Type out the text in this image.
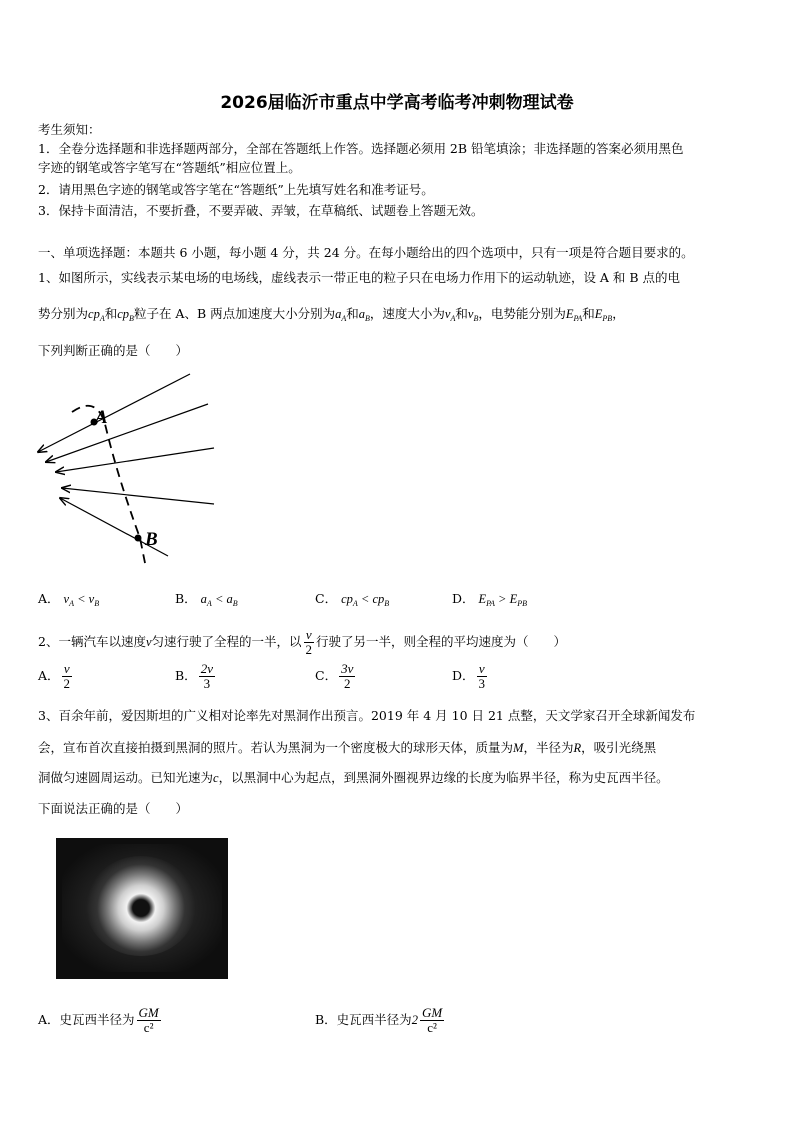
2026届临沂市重点中学高考临考冲刺物理试卷
考生须知：
1．全卷分选择题和非选择题两部分，全部在答题纸上作答。选择题必须用 2B 铅笔填涂；非选择题的答案必须用黑色
字迹的钢笔或答字笔写在“答题纸”相应位置上。
2．请用黑色字迹的钢笔或答字笔在“答题纸”上先填写姓名和准考证号。
3．保持卡面清洁，不要折叠，不要弄破、弄皱，在草稿纸、试题卷上答题无效。
一、单项选择题：本题共 6 小题，每小题 4 分，共 24 分。在每小题给出的四个选项中，只有一项是符合题目要求的。
1、如图所示，实线表示某电场的电场线，虚线表示一带正电的粒子只在电场力作用下的运动轨迹，设 A 和 B 点的电
势分别为$cp_A$和$cp_B$粒子在 A、B 两点加速度大小分别为$a_A$和$a_B$，速度大小为$v_A$和$v_B$，电势能分别为$E_{PA}$和$E_{PB}$，
下列判断正确的是（　　）
A
B
A． $v_A < v_B$	B． $a_A < a_B$	C． $cp_A < cp_B$	D． $E_{PA} > E_{PB}$
2、一辆汽车以速度v匀速行驶了全程的一半，以 $\frac{v}{2}$ 行驶了另一半，则全程的平均速度为（　　）
A． $\frac{v}{2}$	B． $\frac{2v}{3}$	C． $\frac{3v}{2}$	D． $\frac{v}{3}$
3、百余年前，爱因斯坦的广义相对论率先对黑洞作出预言。2019 年 4 月 10 日 21 点整，天文学家召开全球新闻发布
会，宣布首次直接拍摄到黑洞的照片。若认为黑洞为一个密度极大的球形天体，质量为M，半径为R，吸引光绕黑
洞做匀速圆周运动。已知光速为c，以黑洞中心为起点，到黑洞外圈视界边缘的长度为临界半径，称为史瓦西半径。
下面说法正确的是（　　）
A．史瓦西半径为 $\frac{GM}{\text{c²}}$	B．史瓦西半径为$2 \frac{GM}{\text{c²}}$
